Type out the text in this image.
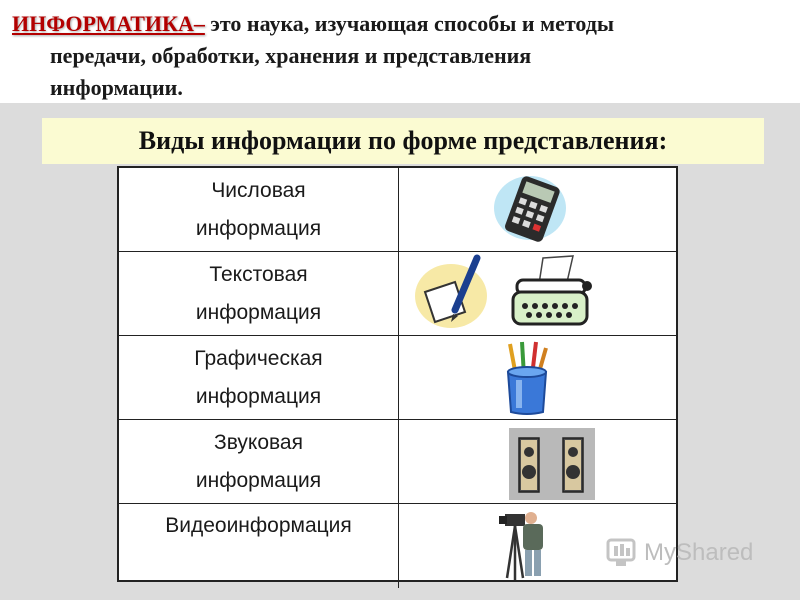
ИНФОРМАТИКА– это наука, изучающая способы и методы
передачи, обработки, хранения и представления
информации.
Виды информации по форме представления:
Числовая
информация
Текстовая
информация
Графическая
информация
Звуковая
информация
Видеоинформация
MyShared
